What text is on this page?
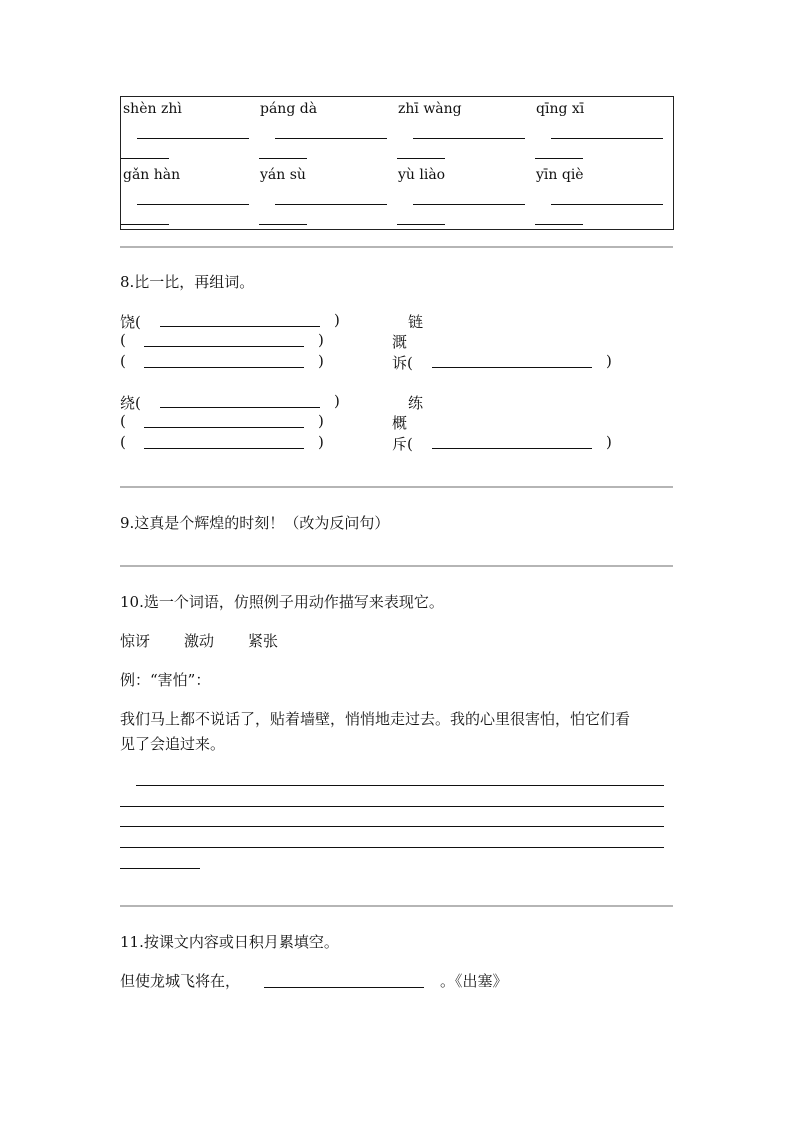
shèn zhì	páng dà	zhī wàng	qīng xī
gǎn hàn	yán sù	yù liào	yīn qiè
8.比一比，再组词。
饶(	)	链
(	)	溉
(	)	诉(	)
绕(	)	练
(	)	概
(	)	斥(	)
9.这真是个辉煌的时刻！（改为反问句）
10.选一个词语，仿照例子用动作描写来表现它。
惊讶 激动 紧张
例：“害怕”：
我们马上都不说话了，贴着墙壁，悄悄地走过去。我的心里很害怕，怕它们看
见了会追过来。
11.按课文内容或日积月累填空。
但使龙城飞将在，	。《出塞》
